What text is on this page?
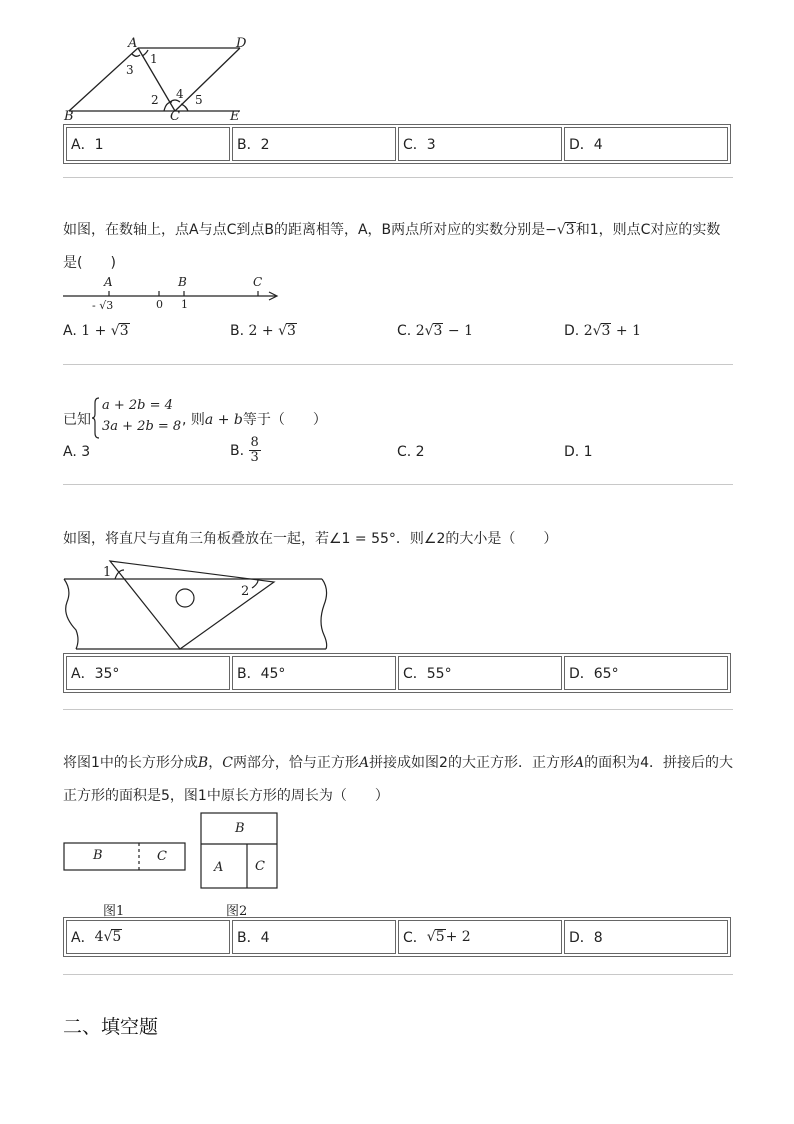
A	D
B	C	E
1
2
3
4 5
A．1	B．2	C．3	D．4
如图，在数轴上，点A与点C到点B的距离相等，A，B两点所对应的实数分别是−√3和1，则点C对应的实数
是(　　)
A	B	C
- √3	0 1
A. 1 + √3	B. 2 + √3	C. 2√3 − 1	D. 2√3 + 1
已知
a + 2b = 4
3a + 2b = 8 , 则a + b等于（　　）
A. 3	B. $\frac{8}{3}$	C. 2	D. 1
如图，将直尺与直角三角板叠放在一起，若∠1 = 55°．则∠2的大小是（　　）
1
2
A．35°	B．45°	C．55°	D．65°
将图1中的长方形分成B，C两部分，恰与正方形A拼接成如图2的大正方形．正方形A的面积为4．拼接后的大
正方形的面积是5，图1中原长方形的周长为（　　）
B	C
图1
B
A C
图2
A． 4 √ 5	B．4	C． √ 5 + 2	D．8
二、填空题
